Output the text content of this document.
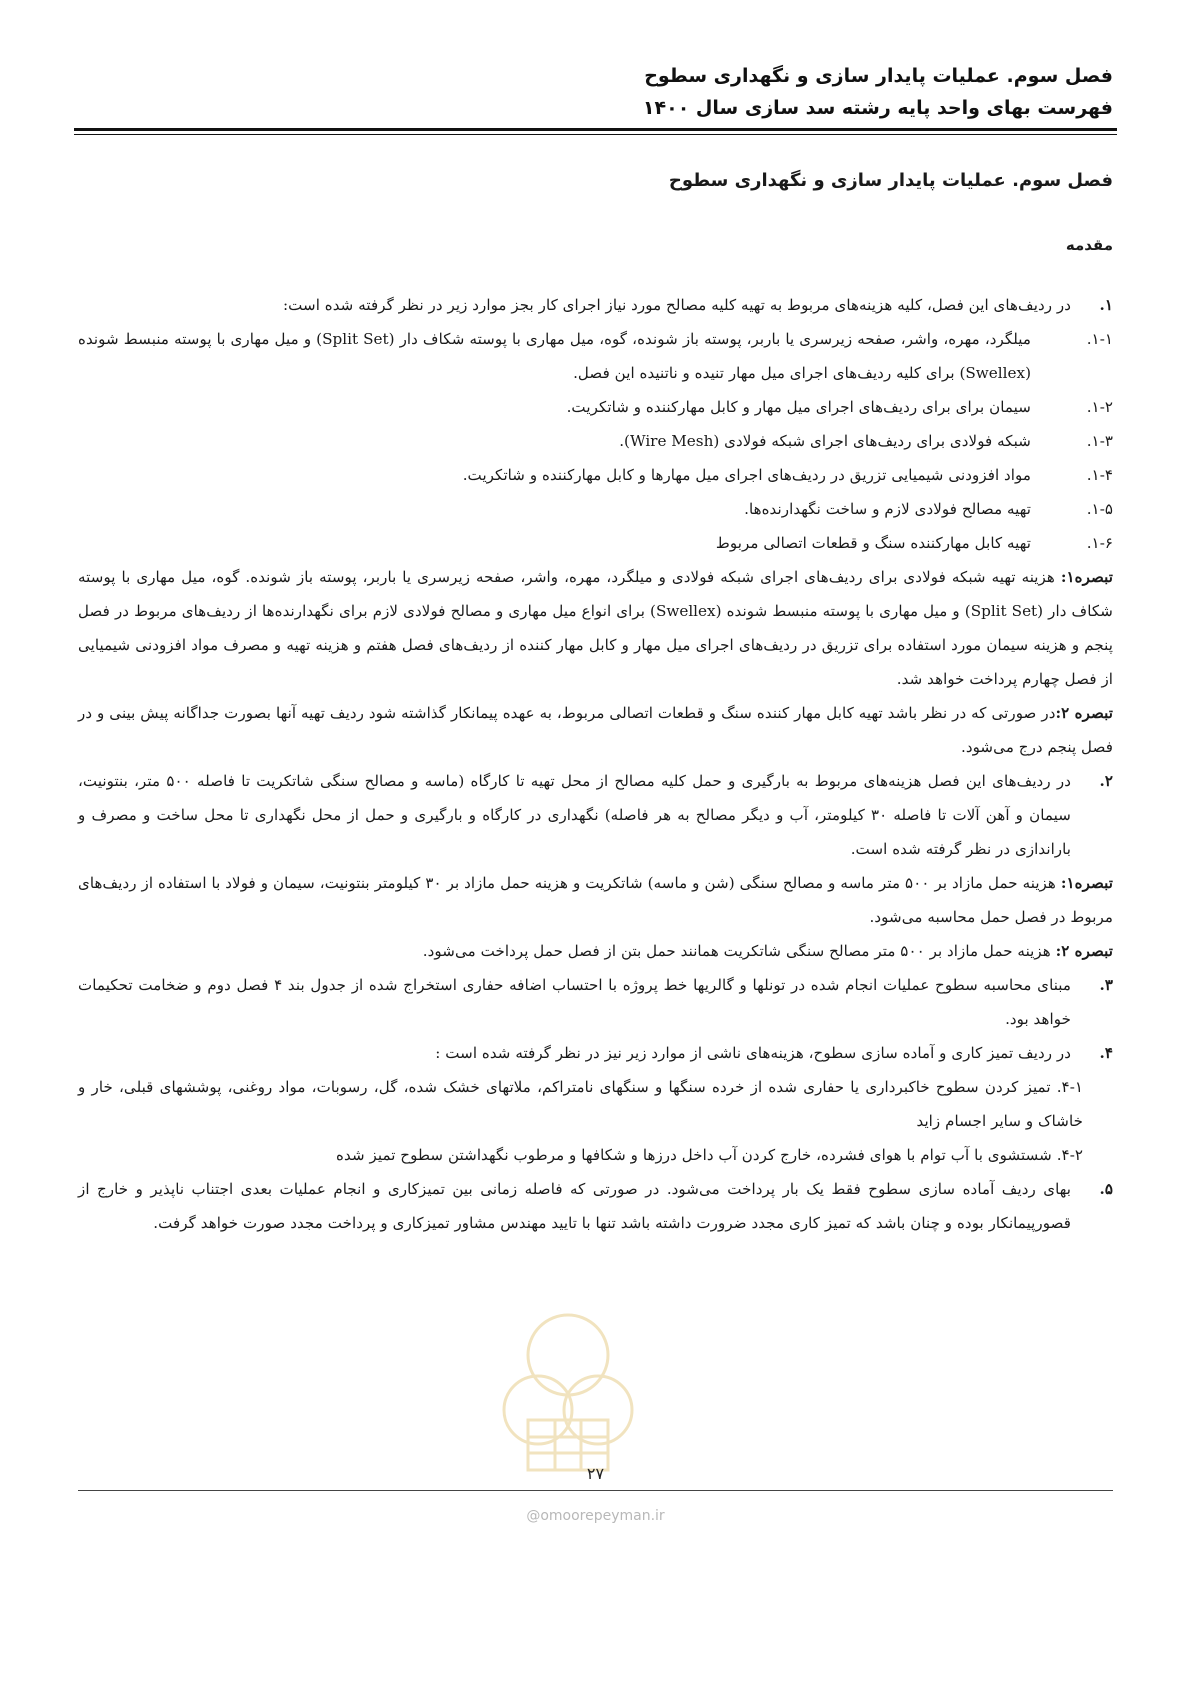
فصل سوم. عملیات پایدار سازی و نگهداری سطوح
فهرست بهای واحد پایه رشته سد سازی سال ۱۴۰۰
فصل سوم. عملیات پایدار سازی و نگهداری سطوح
مقدمه
۱.
در ردیف‌های این فصل، کلیه هزینه‌های مربوط به تهیه کلیه مصالح مورد نیاز اجرای کار بجز موارد زیر در نظر گرفته شده است:
۱-۱.
میلگرد، مهره، واشر، صفحه زیرسری یا باربر، پوسته باز شونده، گوه، میل مهاری با پوسته شکاف دار (Split Set) و میل مهاری با پوسته منبسط شونده (Swellex) برای کلیه ردیف‌های اجرای میل مهار تنیده و ناتنیده این فصل.
۱-۲.
سیمان برای برای ردیف‌های اجرای میل مهار و کابل مهارکننده و شاتکریت.
۱-۳.
شبکه فولادی برای ردیف‌های اجرای شبکه فولادی (Wire Mesh).
۱-۴.
مواد افزودنی شیمیایی تزریق در ردیف‌های اجرای میل مهارها و کابل مهارکننده و شاتکریت.
۱-۵.
تهیه مصالح فولادی لازم و ساخت نگهدارنده‌ها.
۱-۶.
تهیه کابل مهارکننده سنگ و قطعات اتصالی مربوط

تبصره۱: هزینه تهیه شبکه فولادی برای ردیف‌های اجرای شبکه فولادی و میلگرد، مهره، واشر، صفحه زیرسری یا باربر، پوسته باز شونده. گوه، میل مهاری با پوسته شکاف دار (Split Set) و میل مهاری با پوسته منبسط شونده (Swellex) برای انواع میل مهاری و مصالح فولادی لازم برای نگهدارنده‌ها از ردیف‌های مربوط در فصل پنجم و هزینه سیمان مورد استفاده برای تزریق در ردیف‌های اجرای میل مهار و کابل مهار کننده از ردیف‌های فصل هفتم و هزینه تهیه و مصرف مواد افزودنی شیمیایی از فصل چهارم پرداخت خواهد شد.

تبصره ۲:در صورتی که در نظر باشد تهیه کابل مهار کننده سنگ و قطعات اتصالی مربوط، به عهده پیمانکار گذاشته شود ردیف تهیه آنها بصورت جداگانه پیش بینی و در فصل پنجم درج می‌شود.

۲.
در ردیف‌های این فصل هزینه‌های مربوط به بارگیری و حمل کلیه مصالح از محل تهیه تا کارگاه (ماسه و مصالح سنگی شاتکریت تا فاصله ۵۰۰ متر، بنتونیت، سیمان و آهن آلات تا فاصله ۳۰ کیلومتر، آب و دیگر مصالح به هر فاصله) نگهداری در کارگاه و بارگیری و حمل از محل نگهداری تا محل ساخت و مصرف و باراندازی در نظر گرفته شده است.

تبصره۱: هزینه حمل مازاد بر ۵۰۰ متر ماسه و مصالح سنگی (شن و ماسه) شاتکریت و هزینه حمل مازاد بر ۳۰ کیلومتر بنتونیت، سیمان و فولاد با استفاده از ردیف‌های مربوط در فصل حمل محاسبه می‌شود.

تبصره ۲: هزینه حمل مازاد بر ۵۰۰ متر مصالح سنگی شاتکریت همانند حمل بتن از فصل حمل پرداخت می‌شود.

۳.
مبنای محاسبه سطوح عملیات انجام شده در تونلها و گالریها خط پروژه با احتساب اضافه حفاری استخراج شده از جدول بند ۴ فصل دوم و ضخامت تحکیمات خواهد بود.
۴.
در ردیف تمیز کاری و آماده سازی سطوح، هزینه‌های ناشی از موارد زیر نیز در نظر گرفته شده است :

۴-۱. تمیز کردن سطوح خاکبرداری یا حفاری شده از خرده سنگها و سنگهای نامتراکم، ملاتهای خشک شده، گل، رسوبات، مواد روغنی، پوششهای قبلی، خار و خاشاک و سایر اجسام زاید

۴-۲. شستشوی با آب توام با هوای فشرده، خارج کردن آب داخل درزها و شکافها و مرطوب نگهداشتن سطوح تمیز شده

۵.
بهای ردیف آماده سازی سطوح فقط یک بار پرداخت می‌شود. در صورتی که فاصله زمانی بین تمیزکاری و انجام عملیات بعدی اجتناب ناپذیر و خارج از قصورپیمانکار بوده و چنان باشد که تمیز کاری مجدد ضرورت داشته باشد تنها با تایید مهندس مشاور تمیزکاری و پرداخت مجدد صورت خواهد گرفت.
۲۷
@omoorepeyman.ir
